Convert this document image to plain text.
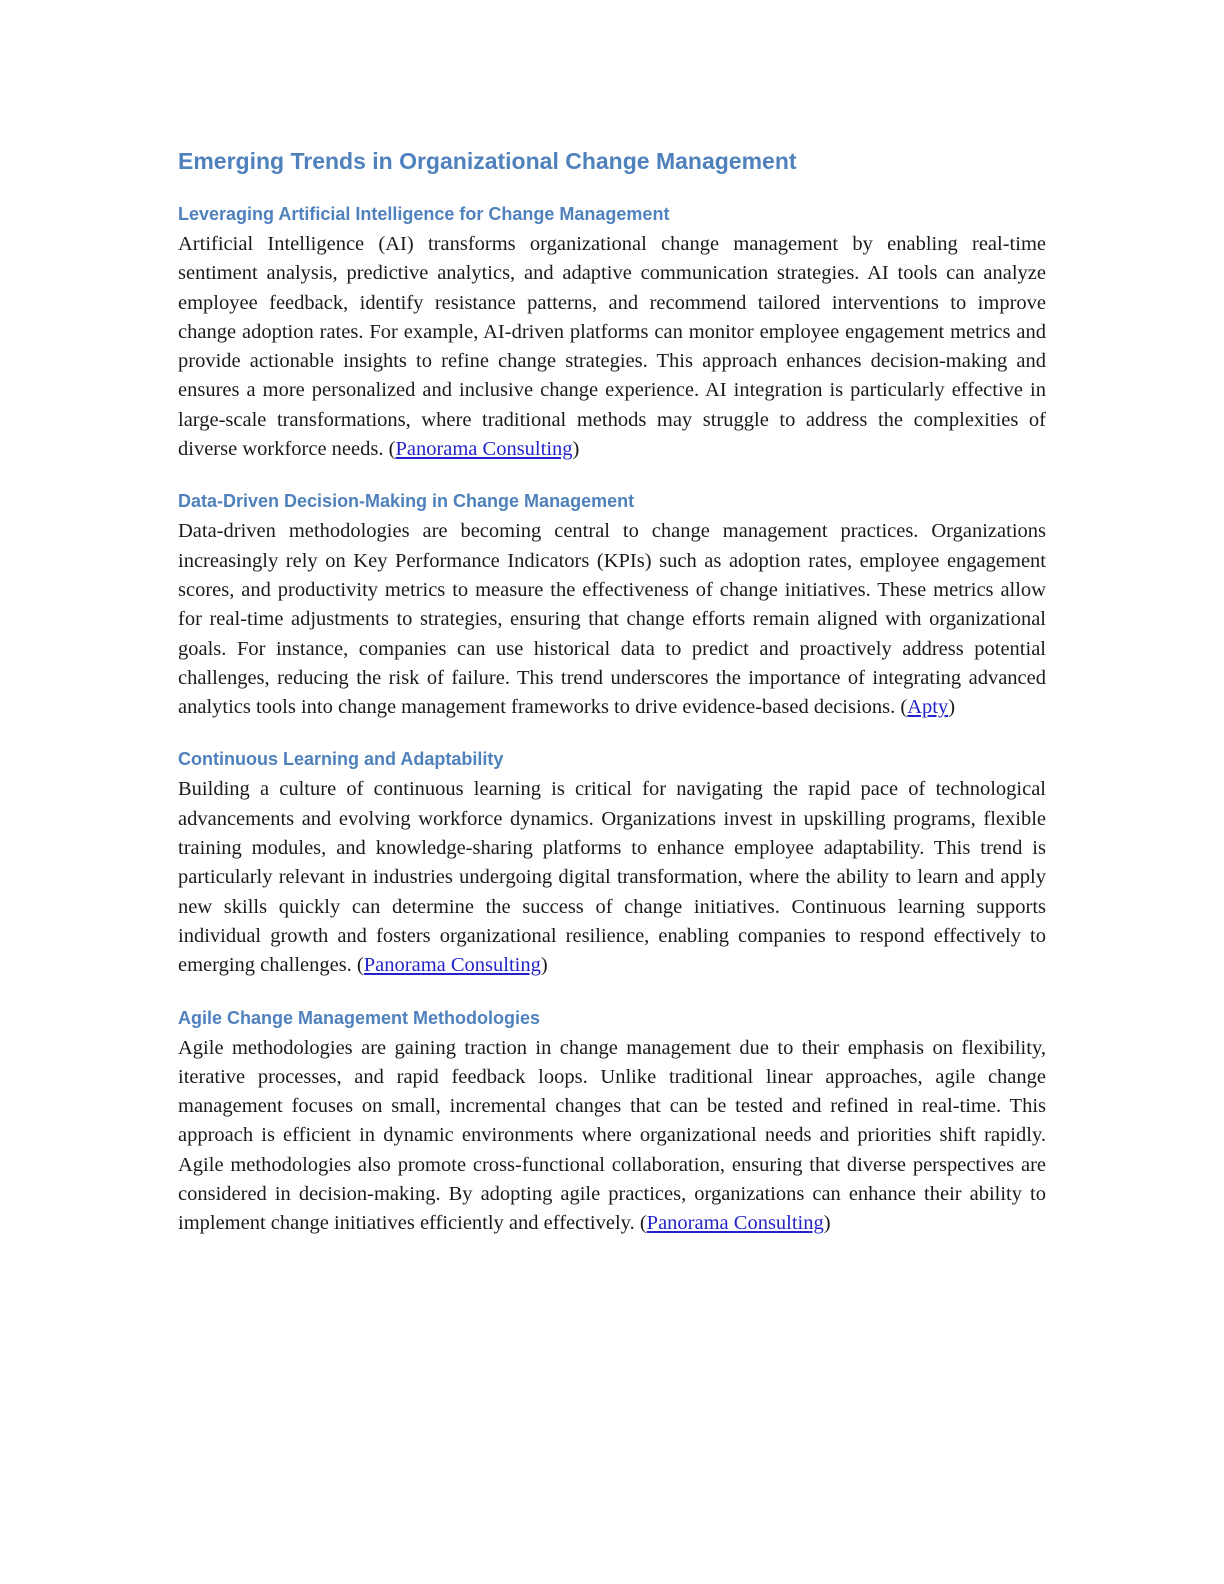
Emerging Trends in Organizational Change Management
Leveraging Artificial Intelligence for Change Management

Artificial Intelligence (AI) transforms organizational change management by enabling real-time sentiment analysis, predictive analytics, and adaptive communication strategies. AI tools can analyze employee feedback, identify resistance patterns, and recommend tailored interventions to improve change adoption rates. For example, AI-driven platforms can monitor employee engagement metrics and provide actionable insights to refine change strategies. This approach enhances decision-making and ensures a more personalized and inclusive change experience. AI integration is particularly effective in large-scale transformations, where traditional methods may struggle to address the complexities of diverse workforce needs. (Panorama Consulting)

Data-Driven Decision-Making in Change Management

Data-driven methodologies are becoming central to change management practices. Organizations increasingly rely on Key Performance Indicators (KPIs) such as adoption rates, employee engagement scores, and productivity metrics to measure the effectiveness of change initiatives. These metrics allow for real-time adjustments to strategies, ensuring that change efforts remain aligned with organizational goals. For instance, companies can use historical data to predict and proactively address potential challenges, reducing the risk of failure. This trend underscores the importance of integrating advanced analytics tools into change management frameworks to drive evidence-based decisions. (Apty)

Continuous Learning and Adaptability

Building a culture of continuous learning is critical for navigating the rapid pace of technological advancements and evolving workforce dynamics. Organizations invest in upskilling programs, flexible training modules, and knowledge-sharing platforms to enhance employee adaptability. This trend is particularly relevant in industries undergoing digital transformation, where the ability to learn and apply new skills quickly can determine the success of change initiatives. Continuous learning supports individual growth and fosters organizational resilience, enabling companies to respond effectively to emerging challenges. (Panorama Consulting)

Agile Change Management Methodologies

Agile methodologies are gaining traction in change management due to their emphasis on flexibility, iterative processes, and rapid feedback loops. Unlike traditional linear approaches, agile change management focuses on small, incremental changes that can be tested and refined in real-time. This approach is efficient in dynamic environments where organizational needs and priorities shift rapidly. Agile methodologies also promote cross-functional collaboration, ensuring that diverse perspectives are considered in decision-making. By adopting agile practices, organizations can enhance their ability to implement change initiatives efficiently and effectively. (Panorama Consulting)
